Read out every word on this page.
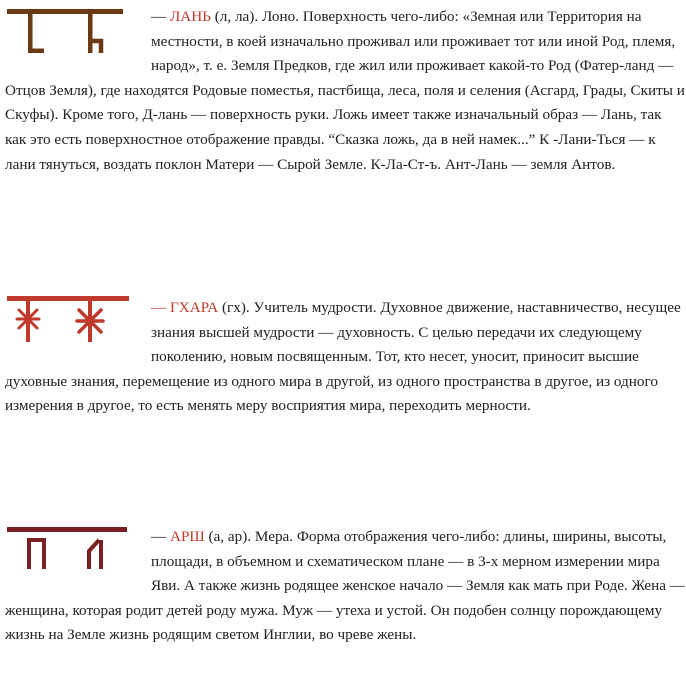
— ЛАНЬ (л, ла). Лоно. Поверхность чего-либо: «Земная или Территория на местности, в коей изначально проживал или проживает тот или иной Род, племя, народ», т. е. Земля Предков, где жил или проживает какой-то Род (Фатер-ланд — Отцов Земля), где находятся Родовые поместья, пастбища, леса, поля и селения (Асгард, Грады, Скиты и Скуфы). Кроме того, Д-лань — поверхность руки. Ложь имеет также изначальный образ — Лань, так как это есть поверхностное отображение правды. “Сказка ложь, да в ней намек...” К -Лани-Ться — к лани тянуться, воздать поклон Матери — Сырой Земле. К-Ла-Ст-ъ. Ант-Лань — земля Антов.

— ГХАРА (гх). Учитель мудрости. Духовное движение, наставничество, несущее знания высшей мудрости — духовность. С целью передачи их следующему поколению, новым посвященным. Тот, кто несет, уносит, приносит высшие духовные знания, перемещение из одного мира в другой, из одного пространства в другое, из одного измерения в другое, то есть менять меру восприятия мира, переходить мерности.

— АРШ (а, ар). Мера. Форма отображения чего-либо: длины, ширины, высоты, площади, в объемном и схематическом плане — в 3-х мерном измерении мира Яви. А также жизнь родящее женское начало — Земля как мать при Роде. Жена — женщина, которая родит детей роду мужа. Муж — утеха и устой. Он подобен солнцу порождающему жизнь на Земле жизнь родящим светом Инглии, во чреве жены.
